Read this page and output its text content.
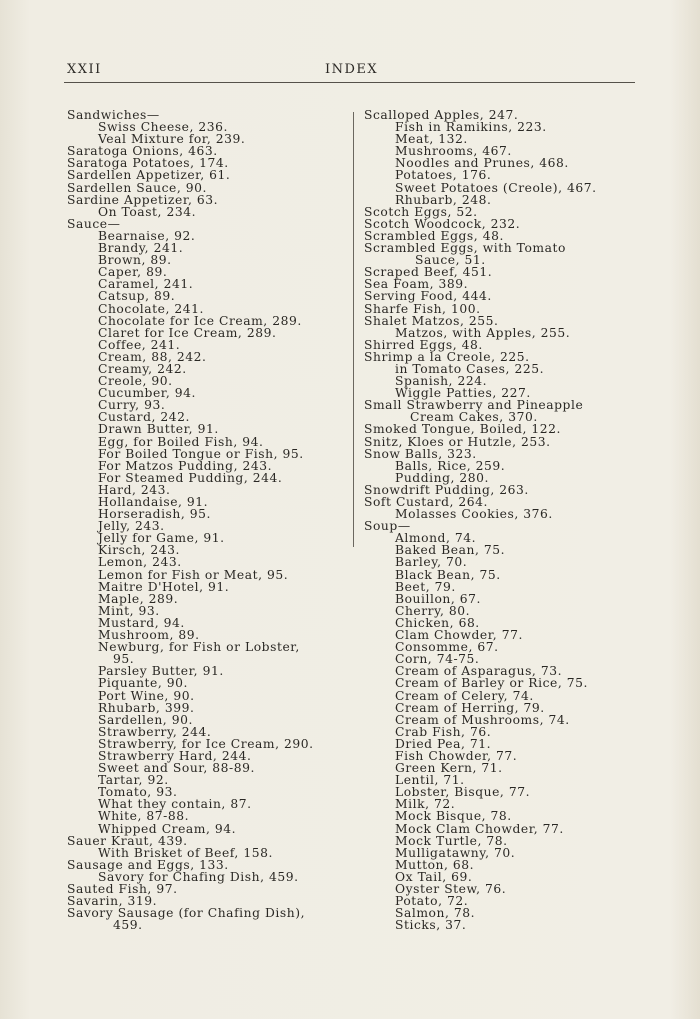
XXII	INDEX
Sandwiches—
Swiss Cheese, 236.
Veal Mixture for, 239.
Saratoga Onions, 463.
Saratoga Potatoes, 174.
Sardellen Appetizer, 61.
Sardellen Sauce, 90.
Sardine Appetizer, 63.
On Toast, 234.
Sauce—
Bearnaise, 92.
Brandy, 241.
Brown, 89.
Caper, 89.
Caramel, 241.
Catsup, 89.
Chocolate, 241.
Chocolate for Ice Cream, 289.
Claret for Ice Cream, 289.
Coffee, 241.
Cream, 88, 242.
Creamy, 242.
Creole, 90.
Cucumber, 94.
Curry, 93.
Custard, 242.
Drawn Butter, 91.
Egg, for Boiled Fish, 94.
For Boiled Tongue or Fish, 95.
For Matzos Pudding, 243.
For Steamed Pudding, 244.
Hard, 243.
Hollandaise, 91.
Horseradish, 95.
Jelly, 243.
Jelly for Game, 91.
Kirsch, 243.
Lemon, 243.
Lemon for Fish or Meat, 95.
Maitre D'Hotel, 91.
Maple, 289.
Mint, 93.
Mustard, 94.
Mushroom, 89.
Newburg, for Fish or Lobster,
95.
Parsley Butter, 91.
Piquante, 90.
Port Wine, 90.
Rhubarb, 399.
Sardellen, 90.
Strawberry, 244.
Strawberry, for Ice Cream, 290.
Strawberry Hard, 244.
Sweet and Sour, 88-89.
Tartar, 92.
Tomato, 93.
What they contain, 87.
White, 87-88.
Whipped Cream, 94.
Sauer Kraut, 439.
With Brisket of Beef, 158.
Sausage and Eggs, 133.
Savory for Chafing Dish, 459.
Sauted Fish, 97.
Savarin, 319.
Savory Sausage (for Chafing Dish),
459.
Scalloped Apples, 247.
Fish in Ramikins, 223.
Meat, 132.
Mushrooms, 467.
Noodles and Prunes, 468.
Potatoes, 176.
Sweet Potatoes (Creole), 467.
Rhubarb, 248.
Scotch Eggs, 52.
Scotch Woodcock, 232.
Scrambled Eggs, 48.
Scrambled Eggs, with Tomato
Sauce, 51.
Scraped Beef, 451.
Sea Foam, 389.
Serving Food, 444.
Sharfe Fish, 100.
Shalet Matzos, 255.
Matzos, with Apples, 255.
Shirred Eggs, 48.
Shrimp a la Creole, 225.
in Tomato Cases, 225.
Spanish, 224.
Wiggle Patties, 227.
Small Strawberry and Pineapple
Cream Cakes, 370.
Smoked Tongue, Boiled, 122.
Snitz, Kloes or Hutzle, 253.
Snow Balls, 323.
Balls, Rice, 259.
Pudding, 280.
Snowdrift Pudding, 263.
Soft Custard, 264.
Molasses Cookies, 376.
Soup—
Almond, 74.
Baked Bean, 75.
Barley, 70.
Black Bean, 75.
Beet, 79.
Bouillon, 67.
Cherry, 80.
Chicken, 68.
Clam Chowder, 77.
Consomme, 67.
Corn, 74-75.
Cream of Asparagus, 73.
Cream of Barley or Rice, 75.
Cream of Celery, 74.
Cream of Herring, 79.
Cream of Mushrooms, 74.
Crab Fish, 76.
Dried Pea, 71.
Fish Chowder, 77.
Green Kern, 71.
Lentil, 71.
Lobster, Bisque, 77.
Milk, 72.
Mock Bisque, 78.
Mock Clam Chowder, 77.
Mock Turtle, 78.
Mulligatawny, 70.
Mutton, 68.
Ox Tail, 69.
Oyster Stew, 76.
Potato, 72.
Salmon, 78.
Sticks, 37.
